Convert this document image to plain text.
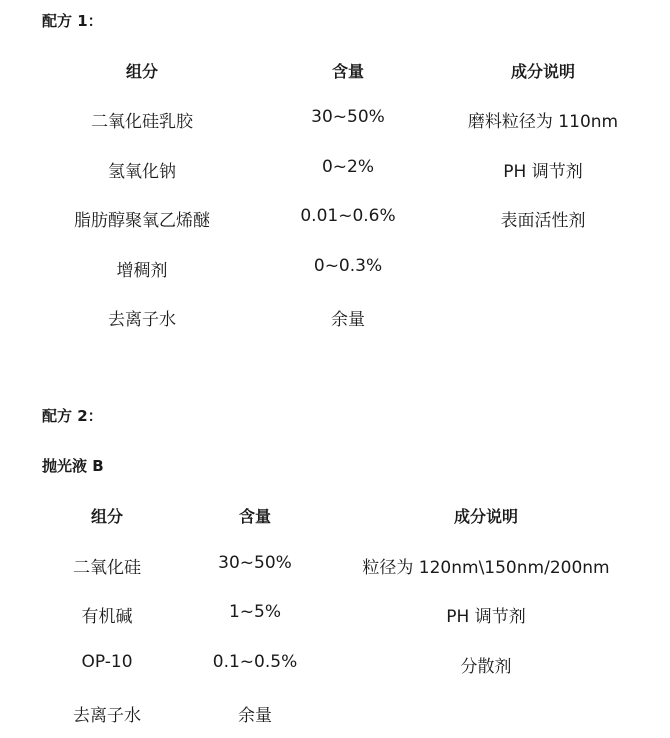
配方 1：
组分	含量	成分说明
二氧化硅乳胶	30~50%	磨料粒径为 110nm
氢氧化钠	0~2%	PH 调节剂
脂肪醇聚氧乙烯醚	0.01~0.6%	表面活性剂
增稠剂	0~0.3%
去离子水	余量
配方 2：
抛光液 B
组分	含量	成分说明
二氧化硅	30~50%	粒径为 120nm\150nm/200nm
有机碱	1~5%	PH 调节剂
OP-10	0.1~0.5%	分散剂
去离子水	余量
